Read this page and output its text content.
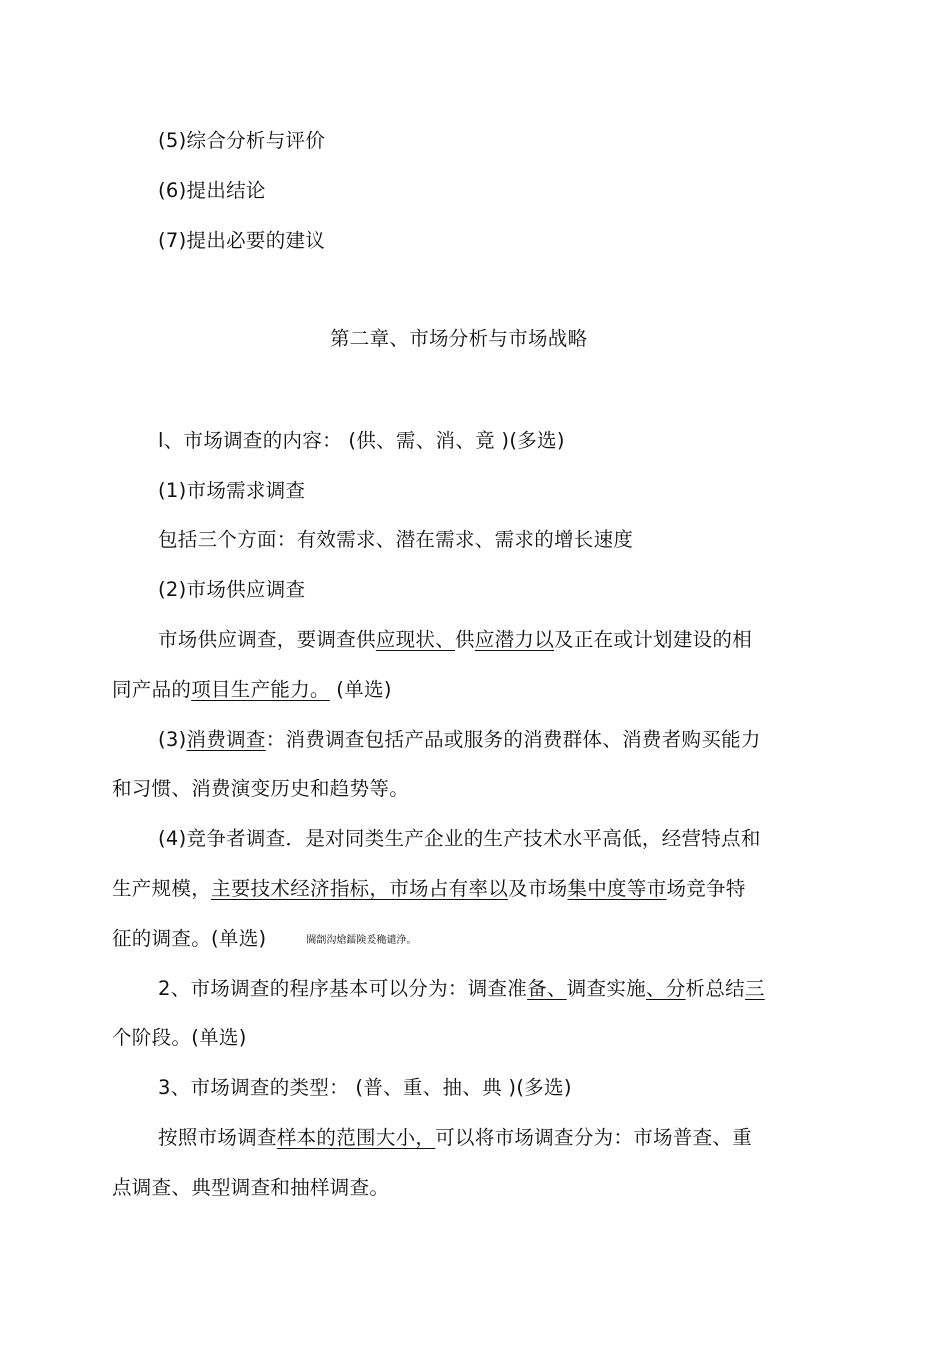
(5)综合分析与评价
(6)提出结论
(7)提出必要的建议
第二章、市场分析与市场战略
l、市场调查的内容： (供、需、消、竟 )(多选)
(1)市场需求调查
包括三个方面：有效需求、潜在需求、需求的增长速度
(2)市场供应调查
市场供应调查，要调查供应现状、供应潜力以及正在或计划建设的相
同产品的项目生产能力。 (单选)
(3)消费调查：消费调查包括产品或服务的消费群体、消费者购买能力
和习惯、消费演变历史和趋势等。
(4)竞争者调查．是对同类生产企业的生产技术水平高低，经营特点和
生产规模，主要技术经济指标，市场占有率以及市场集中度等市场竞争特
征的调查。(单选)	閫劏沟熗鐳険爰穐谴浄。
2、市场调查的程序基本可以分为：调查准备、调查实施、分析总结三
个阶段。(单选)
3、市场调查的类型： (普、重、抽、典 )(多选)
按照市场调查样本的范围大小，可以将市场调查分为：市场普查、重
点调查、典型调查和抽样调查。
